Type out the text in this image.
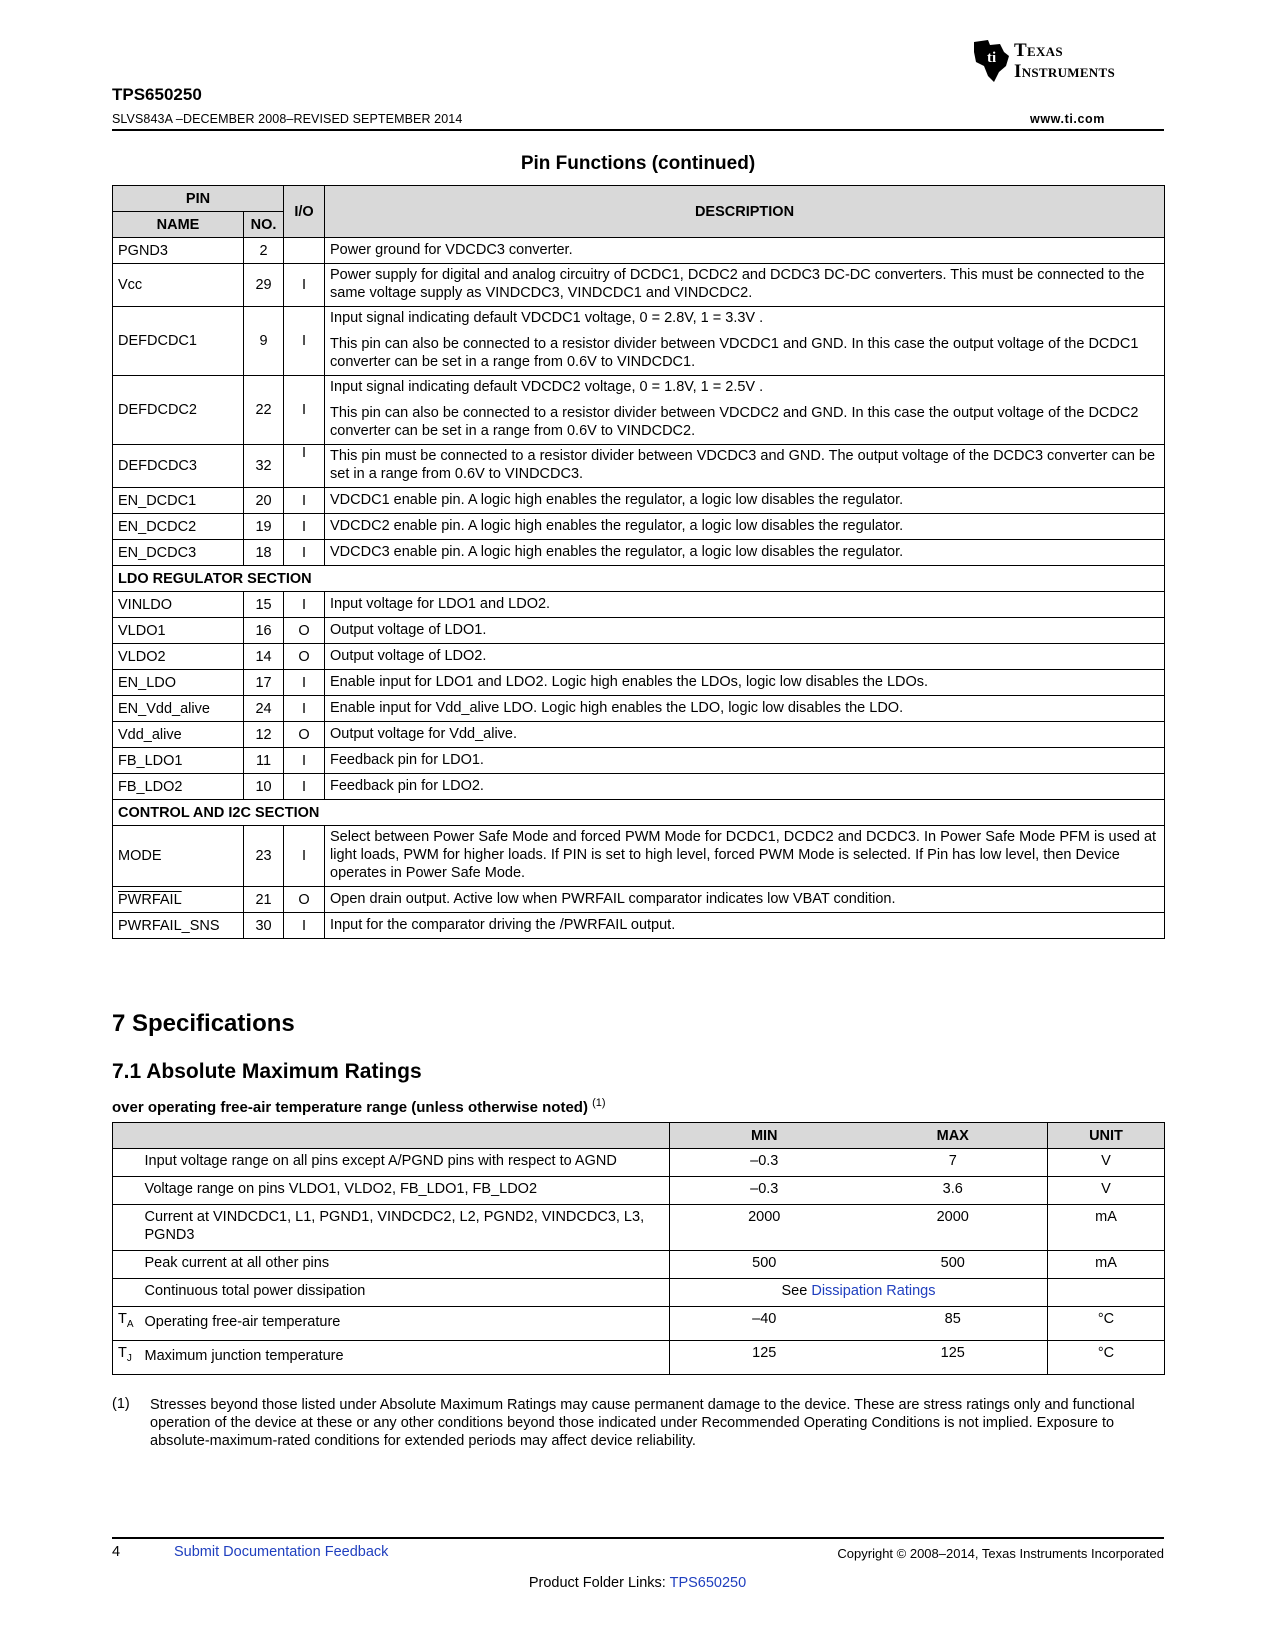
ti Texas
Instruments
TPS650250
SLVS843A –DECEMBER 2008–REVISED SEPTEMBER 2014	www.ti.com
Pin Functions (continued)
PIN		I/O	DESCRIPTION
NAME	NO.		
PGND3	2		Power ground for VDCDC3 converter.

Vcc	29	I	Power supply for digital and analog circuitry of DCDC1, DCDC2 and DCDC3 DC-DC converters. This must be connected to the same voltage supply as VINDCDC3, VINDCDC1 and VINDCDC2.

DEFDCDC1	9	I	Input signal indicating default VDCDC1 voltage, 0 = 2.8V, 1 = 3.3V .

This pin can also be connected to a resistor divider between VDCDC1 and GND. In this case the output voltage of the DCDC1 converter can be set in a range from 0.6V to VINDCDC1.

DEFDCDC2	22	I	Input signal indicating default VDCDC2 voltage, 0 = 1.8V, 1 = 2.5V .

This pin can also be connected to a resistor divider between VDCDC2 and GND. In this case the output voltage of the DCDC2 converter can be set in a range from 0.6V to VINDCDC2.

DEFDCDC3	32	I	This pin must be connected to a resistor divider between VDCDC3 and GND. The output voltage of the DCDC3 converter can be set in a range from 0.6V to VINDCDC3.

EN_DCDC1	20	I	VDCDC1 enable pin. A logic high enables the regulator, a logic low disables the regulator.

EN_DCDC2	19	I	VDCDC2 enable pin. A logic high enables the regulator, a logic low disables the regulator.

EN_DCDC3	18	I	VDCDC3 enable pin. A logic high enables the regulator, a logic low disables the regulator.

LDO REGULATOR SECTION			
VINLDO	15	I	Input voltage for LDO1 and LDO2.

VLDO1	16	O	Output voltage of LDO1.

VLDO2	14	O	Output voltage of LDO2.

EN_LDO	17	I	Enable input for LDO1 and LDO2. Logic high enables the LDOs, logic low disables the LDOs.

EN_Vdd_alive	24	I	Enable input for Vdd_alive LDO. Logic high enables the LDO, logic low disables the LDO.

Vdd_alive	12	O	Output voltage for Vdd_alive.

FB_LDO1	11	I	Feedback pin for LDO1.

FB_LDO2	10	I	Feedback pin for LDO2.

CONTROL AND I2C SECTION			
MODE	23	I	Select between Power Safe Mode and forced PWM Mode for DCDC1, DCDC2 and DCDC3. In Power Safe Mode PFM is used at light loads, PWM for higher loads. If PIN is set to high level, forced PWM Mode is selected. If Pin has low level, then Device operates in Power Safe Mode.

PWRFAIL	21	O	Open drain output. Active low when PWRFAIL comparator indicates low VBAT condition.

PWRFAIL_SNS	30	I	Input for the comparator driving the /PWRFAIL output.

7 Specifications
7.1 Absolute Maximum Ratings
over operating free-air temperature range (unless otherwise noted) $^{(1)}$
		MIN	MAX	UNIT
	Input voltage range on all pins except A/PGND pins with respect to AGND	–0.3	7	V
	Voltage range on pins VLDO1, VLDO2, FB_LDO1, FB_LDO2	–0.3	3.6	V
	Current at VINDCDC1, L1, PGND1, VINDCDC2, L2, PGND2, VINDCDC3, L3, PGND3	2000	2000	mA
	Peak current at all other pins	500	500	mA
	Continuous total power dissipation	See Dissipation Ratings		
$T_A$	Operating free-air temperature	–40	85	°C
$T_J$	Maximum junction temperature	125	125	°C
(1) Stresses beyond those listed under Absolute Maximum Ratings may cause permanent damage to the device. These are stress ratings only and functional operation of the device at these or any other conditions beyond those indicated under Recommended Operating Conditions is not implied. Exposure to absolute-maximum-rated conditions for extended periods may affect device reliability.
4	Submit Documentation Feedback	Copyright © 2008–2014, Texas Instruments Incorporated
Product Folder Links: TPS650250
